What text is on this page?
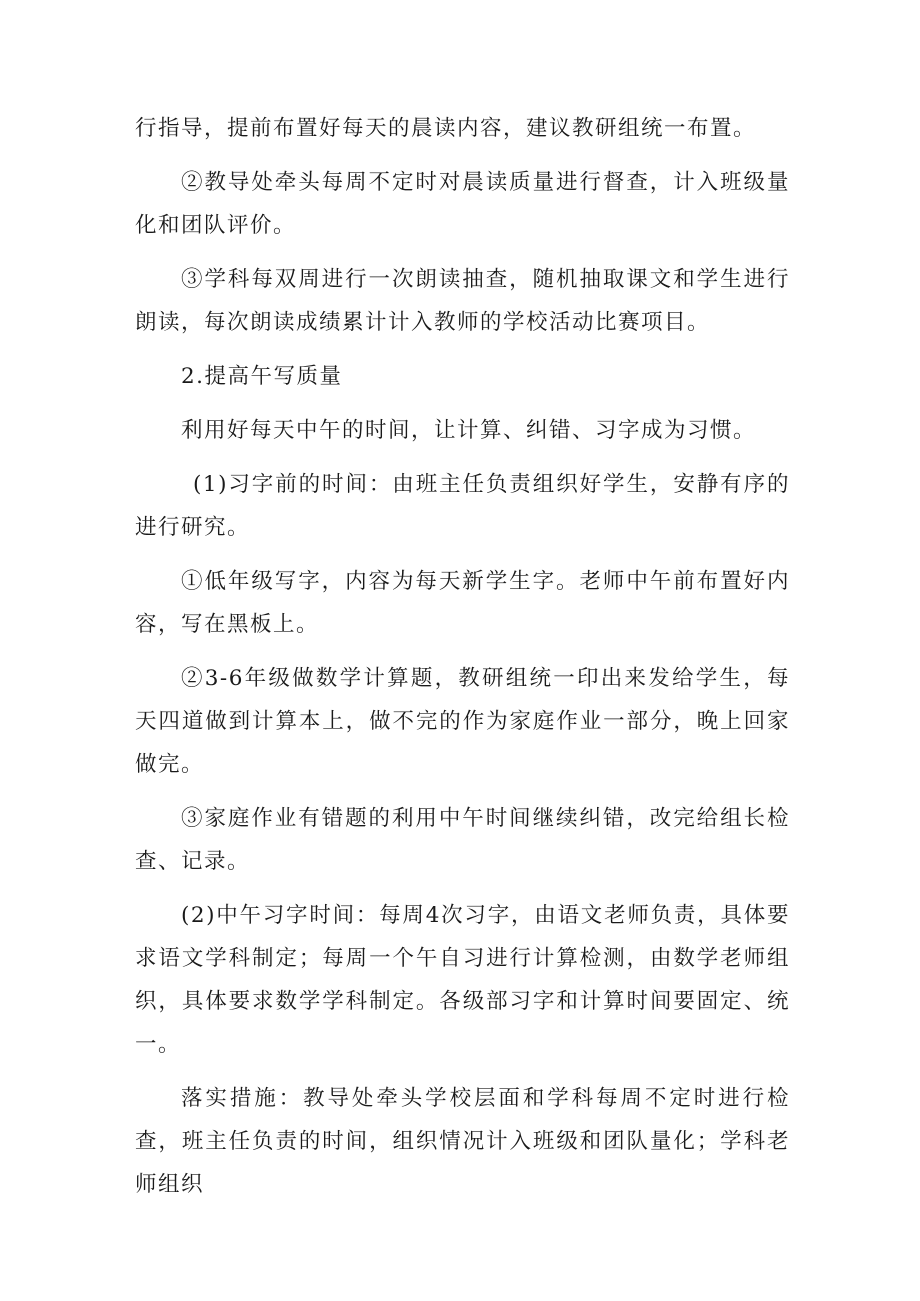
行指导，提前布置好每天的晨读内容，建议教研组统一布置。

②教导处牵头每周不定时对晨读质量进行督查，计入班级量化和团队评价。

③学科每双周进行一次朗读抽查，随机抽取课文和学生进行朗读，每次朗读成绩累计计入教师的学校活动比赛项目。

2.提高午写质量

利用好每天中午的时间，让计算、纠错、习字成为习惯。

(1)习字前的时间：由班主任负责组织好学生，安静有序的进行研究。

①低年级写字，内容为每天新学生字。老师中午前布置好内容，写在黑板上。

②3-6年级做数学计算题，教研组统一印出来发给学生，每天四道做到计算本上，做不完的作为家庭作业一部分，晚上回家做完。

③家庭作业有错题的利用中午时间继续纠错，改完给组长检查、记录。

(2)中午习字时间：每周4次习字，由语文老师负责，具体要求语文学科制定；每周一个午自习进行计算检测，由数学老师组织，具体要求数学学科制定。各级部习字和计算时间要固定、统一。

落实措施：教导处牵头学校层面和学科每周不定时进行检查，班主任负责的时间，组织情况计入班级和团队量化；学科老师组织
